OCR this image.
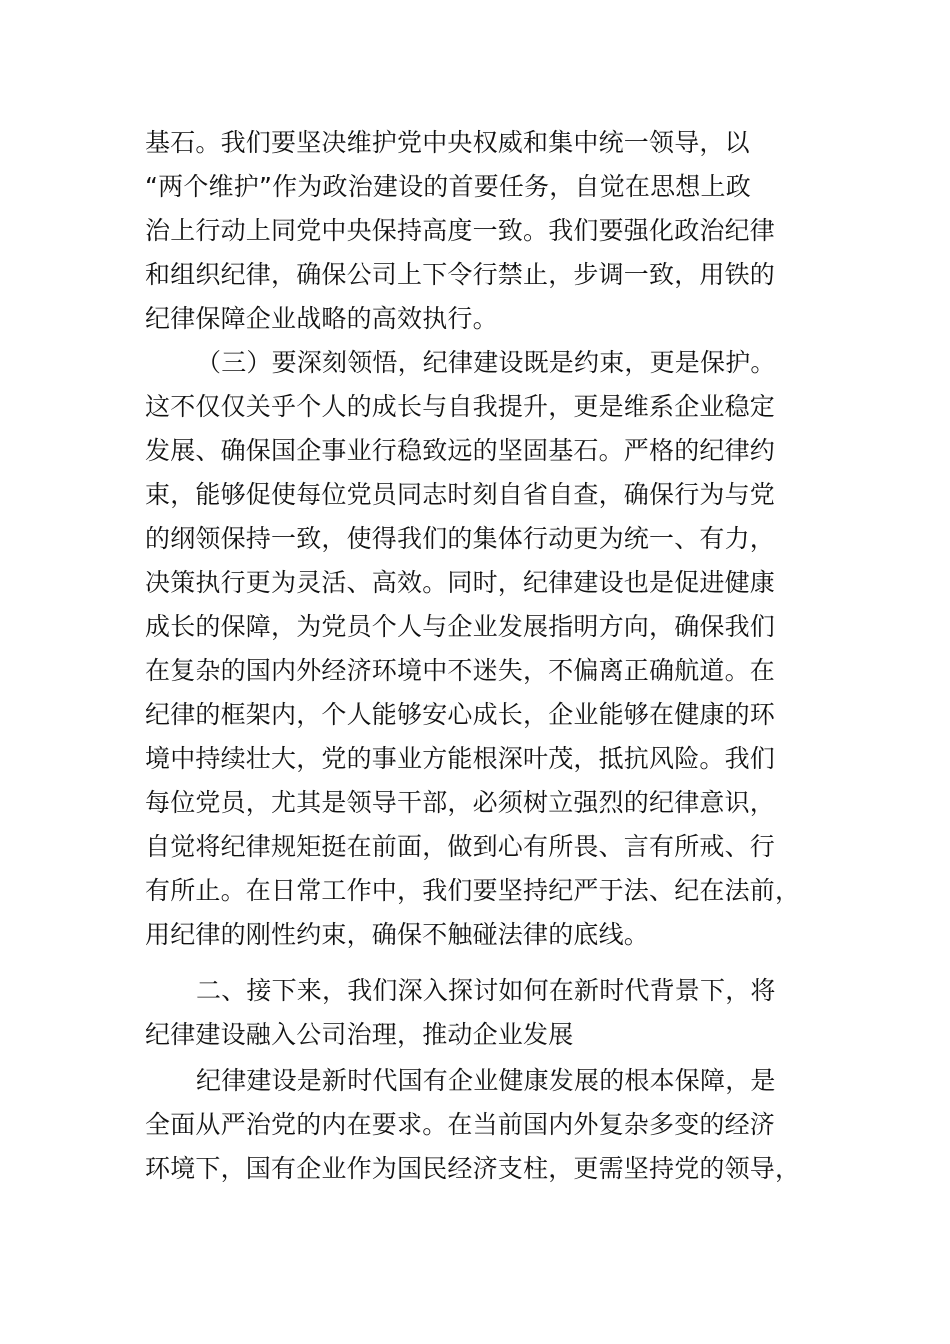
基石。我们要坚决维护党中央权威和集中统一领导，以
“两个维护”作为政治建设的首要任务，自觉在思想上政
治上行动上同党中央保持高度一致。我们要强化政治纪律
和组织纪律，确保公司上下令行禁止，步调一致，用铁的
纪律保障企业战略的高效执行。
（三）要深刻领悟，纪律建设既是约束，更是保护。
这不仅仅关乎个人的成长与自我提升，更是维系企业稳定
发展、确保国企事业行稳致远的坚固基石。严格的纪律约
束，能够促使每位党员同志时刻自省自查，确保行为与党
的纲领保持一致，使得我们的集体行动更为统一、有力，
决策执行更为灵活、高效。同时，纪律建设也是促进健康
成长的保障，为党员个人与企业发展指明方向，确保我们
在复杂的国内外经济环境中不迷失，不偏离正确航道。在
纪律的框架内，个人能够安心成长，企业能够在健康的环
境中持续壮大，党的事业方能根深叶茂，抵抗风险。我们
每位党员，尤其是领导干部，必须树立强烈的纪律意识，
自觉将纪律规矩挺在前面，做到心有所畏、言有所戒、行
有所止。在日常工作中，我们要坚持纪严于法、纪在法前，
用纪律的刚性约束，确保不触碰法律的底线。
二、接下来，我们深入探讨如何在新时代背景下，将
纪律建设融入公司治理，推动企业发展
纪律建设是新时代国有企业健康发展的根本保障，是
全面从严治党的内在要求。在当前国内外复杂多变的经济
环境下，国有企业作为国民经济支柱，更需坚持党的领导，
